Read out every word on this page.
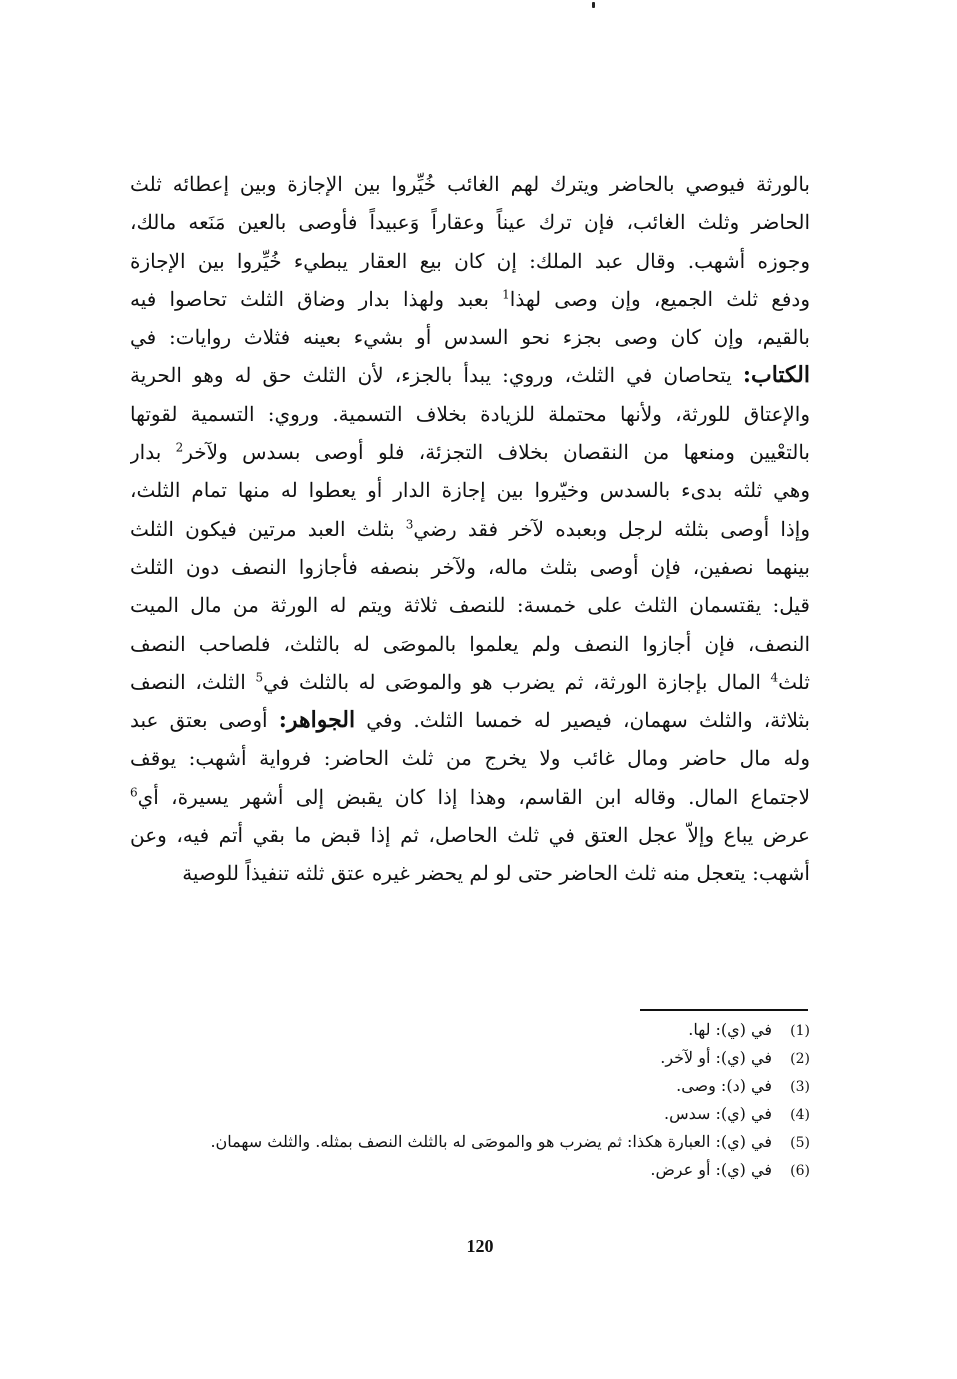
بالورثة فيوصي بالحاضر ويترك لهم الغائب خُيِّروا بين الإجازة وبين إعطائه ثلث
الحاضر وثلث الغائب، فإن ترك عيناً وعقاراً وَعبيداً فأوصى بالعين مَنَعه مالك،
وجوزه أشهب. وقال عبد الملك: إن كان بيع العقار يبطيء خُيِّروا بين الإجازة
ودفع ثلث الجميع، وإن وصى لهذا$^1$ بعبد ولهذا بدار وضاق الثلث تحاصوا فيه
بالقيم، وإن كان وصى بجزء نحو السدس أو بشيء بعينه فثلاث روايات: في
الكتاب: يتحاصان في الثلث، وروي: يبدأ بالجزء، لأن الثلث حق له وهو الحرية
والإعتاق للورثة، ولأنها محتملة للزيادة بخلاف التسمية. وروي: التسمية لقوتها
بالتعْيين ومنعها من النقصان بخلاف التجزئة، فلو أوصى بسدس ولآخر$^2$ بدار
وهي ثلثه بدىء بالسدس وخيّروا بين إجازة الدار أو يعطوا له منها تمام الثلث،
وإذا أوصى بثلثه لرجل وبعبده لآخر فقد رضي$^3$ بثلث العبد مرتين فيكون الثلث
بينهما نصفين، فإن أوصى بثلث ماله، ولآخر بنصفه فأجازوا النصف دون الثلث
قيل: يقتسمان الثلث على خمسة: للنصف ثلاثة ويتم له الورثة من مال الميت
النصف، فإن أجازوا النصف ولم يعلموا بالموصَى له بالثلث، فلصاحب النصف
ثلث$^4$ المال بإجازة الورثة، ثم يضرب هو والموصَى له بالثلث في$^5$ الثلث، النصف
بثلاثة، والثلث سهمان، فيصير له خمسا الثلث. وفي الجواهر: أوصى بعتق عبد
وله مال حاضر ومال غائب ولا يخرج من ثلث الحاضر: فرواية أشهب: يوقف
لاجتماع المال. وقاله ابن القاسم، وهذا إذا كان يقبض إلى أشهر يسيرة، أي$^6$
عرض يباع وإلاّ عجل العتق في ثلث الحاصل، ثم إذا قبض ما بقي أتم فيه، وعن
أشهب: يتعجل منه ثلث الحاضر حتى لو لم يحضر غيره عتق ثلثه تنفيذاً للوصية
(1)
في (ي): لها.
(2)
في (ي): أو لآخر.
(3)
في (د): وصى.
(4)
في (ي): سدس.
(5)
في (ي): العبارة هكذا: ثم يضرب هو والموصَى له بالثلث النصف بمثله. والثلث سهمان.
(6)
في (ي): أو عرض.
120
